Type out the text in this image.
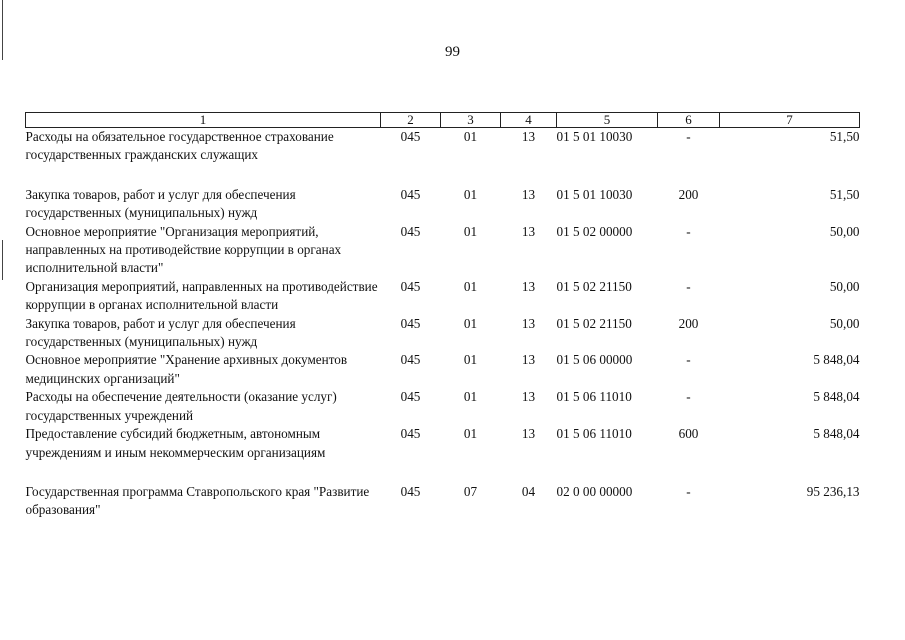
99
1	2	3	4	5	6	7
Расходы на обязательное государственное страхование государственных гражданских служащих	045	01	13	01 5 01 10030	-	51,50

Закупка товаров, работ и услуг для обеспечения государственных (муниципальных) нужд	045	01	13	01 5 01 10030	200	51,50
Основное мероприятие "Организация мероприятий, направленных на противодействие коррупции в органах исполнительной власти"	045	01	13	01 5 02 00000	-	50,00
Организация мероприятий, направленных на противодействие коррупции в органах исполнительной власти	045	01	13	01 5 02 21150	-	50,00
Закупка товаров, работ и услуг для обеспечения государственных (муниципальных) нужд	045	01	13	01 5 02 21150	200	50,00
Основное мероприятие "Хранение архивных документов медицинских организаций"	045	01	13	01 5 06 00000	-	5 848,04
Расходы на обеспечение деятельности (оказание услуг) государственных учреждений	045	01	13	01 5 06 11010	-	5 848,04
Предоставление субсидий бюджетным, автономным учреждениям и иным некоммерческим организациям	045	01	13	01 5 06 11010	600	5 848,04

Государственная программа Ставропольского края "Развитие образования"	045	07	04	02 0 00 00000	-	95 236,13
